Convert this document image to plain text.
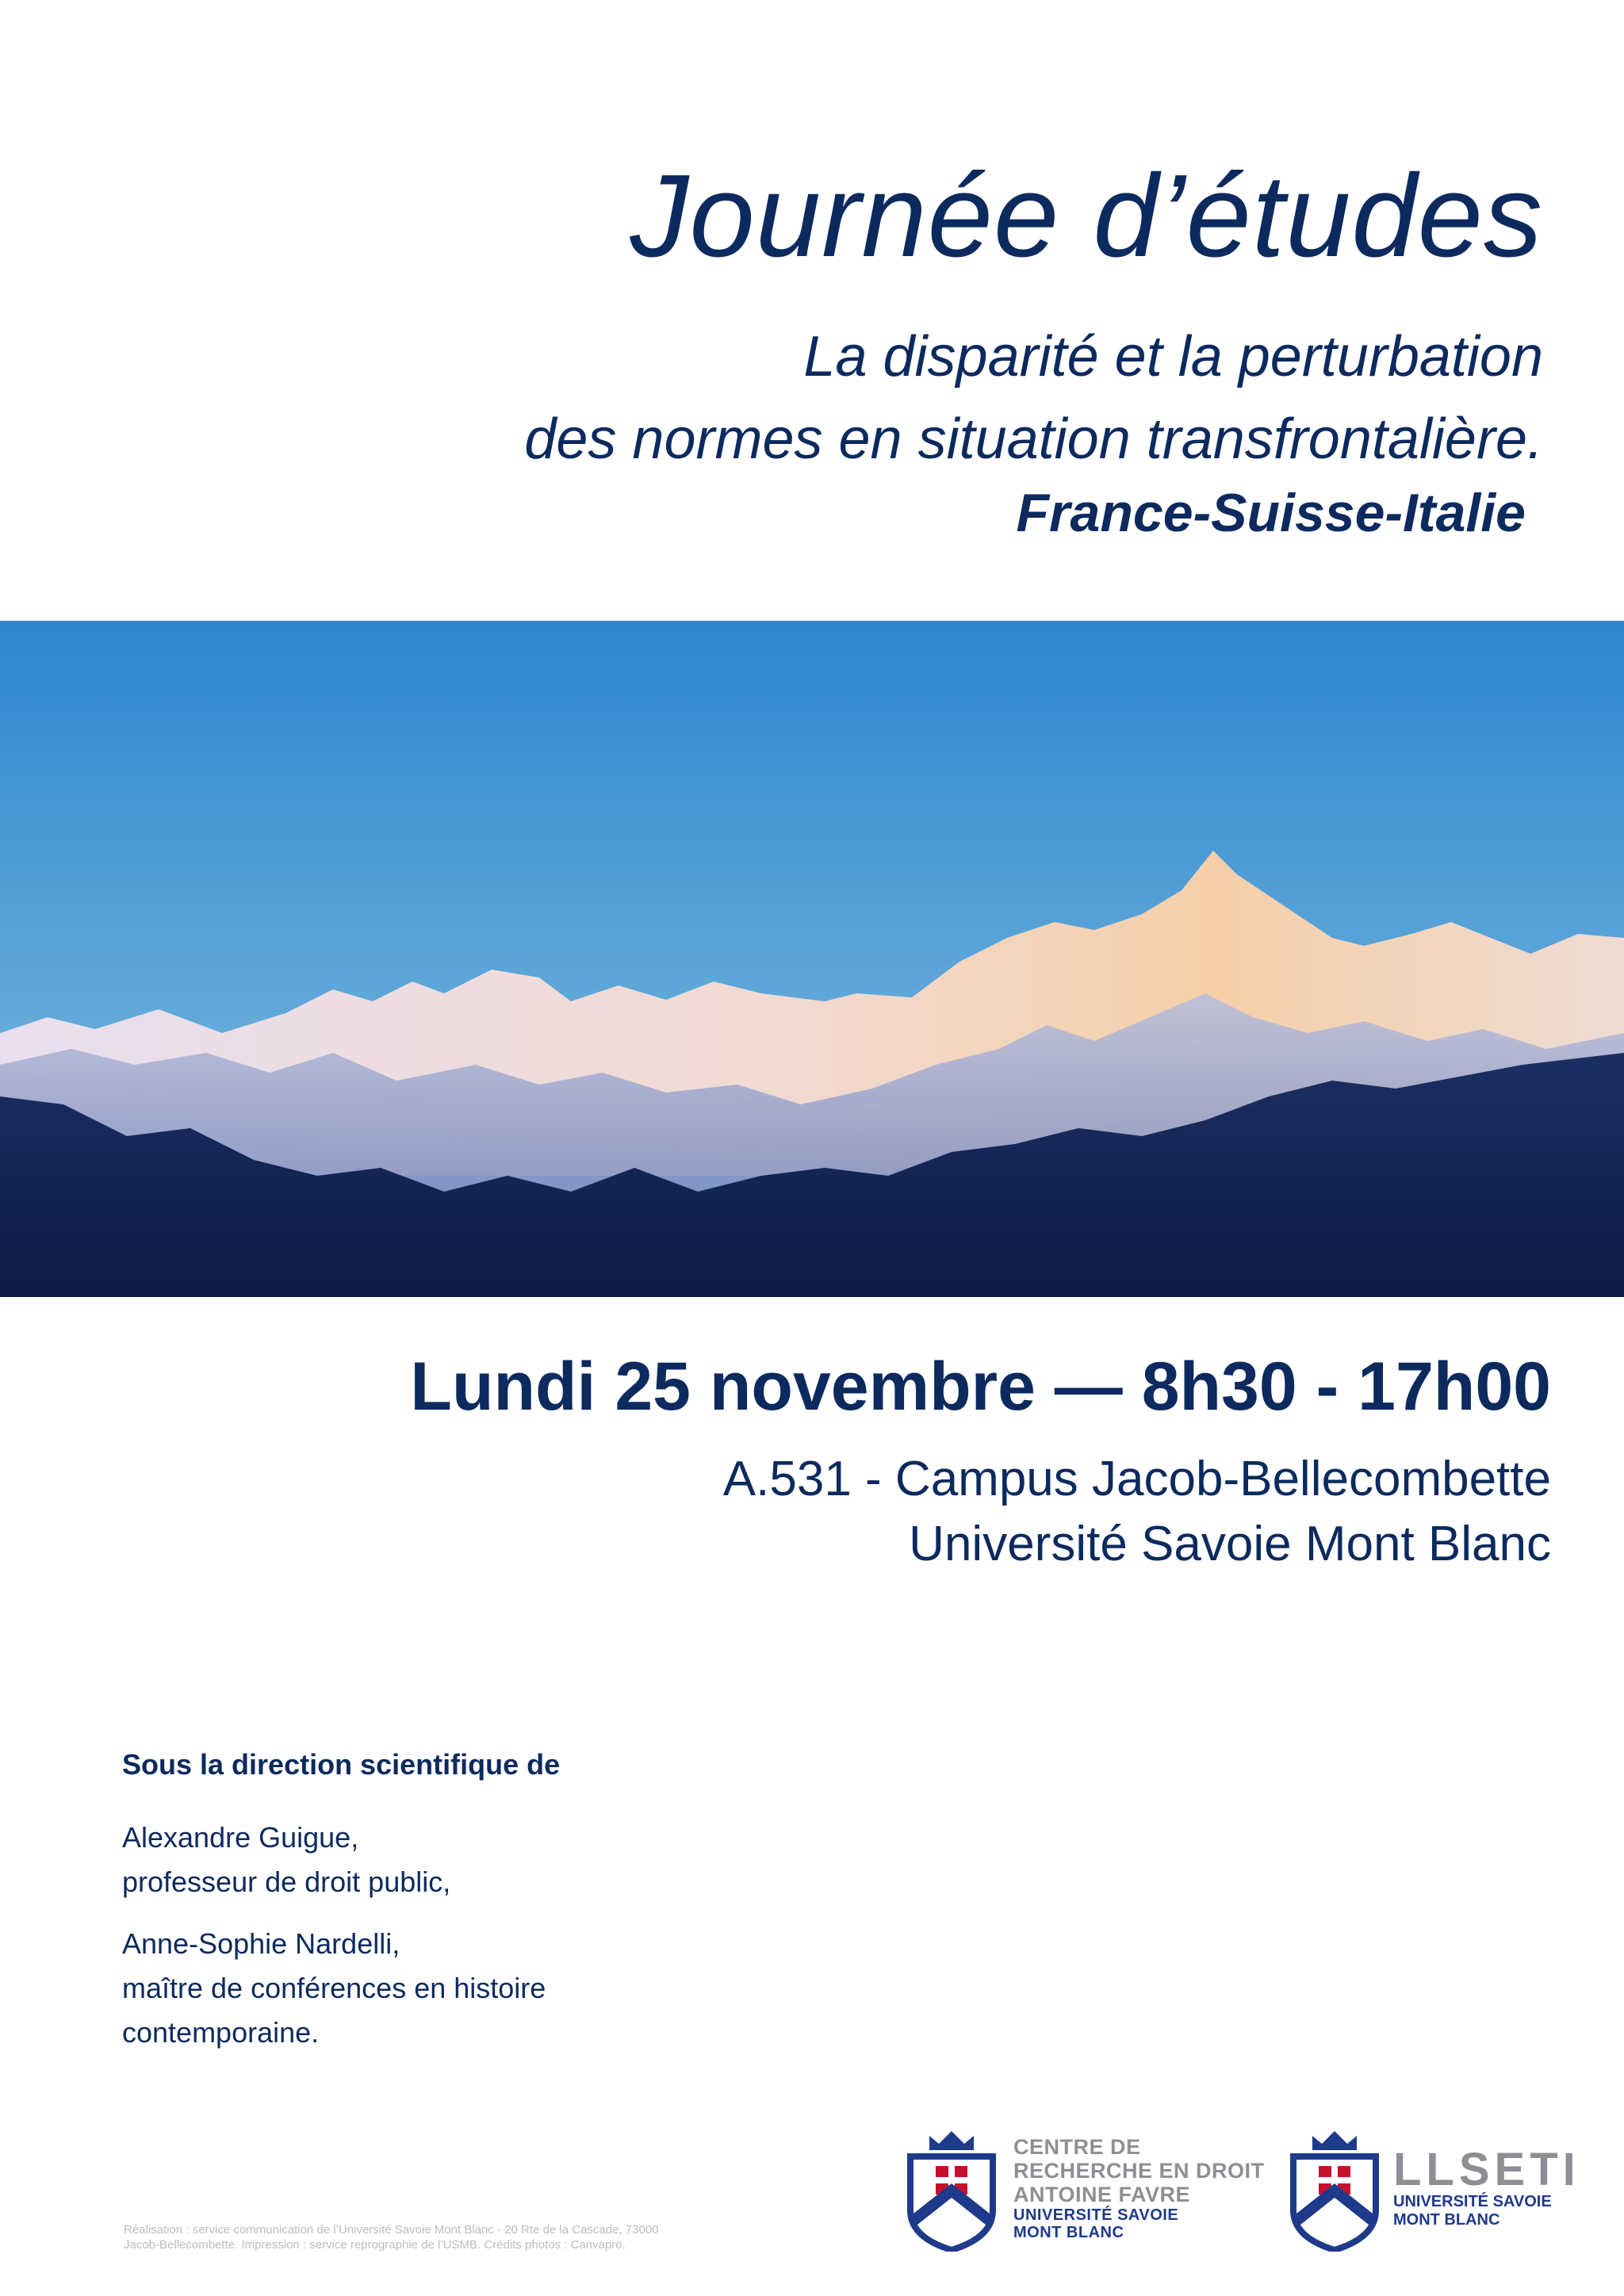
Journée d’études
La disparité et la perturbation
des normes en situation transfrontalière.
France-Suisse-Italie
Lundi 25 novembre — 8h30 - 17h00
A.531 - Campus Jacob-Bellecombette
Université Savoie Mont Blanc
Sous la direction scientifique de
Alexandre Guigue,
professeur de droit public,
Anne-Sophie Nardelli,
maître de conférences en histoire
contemporaine.
Réalisation : service communication de l’Université Savoie Mont Blanc - 20 Rte de la Cascade, 73000
Jacob-Bellecombette. Impression : service reprographie de l’USMB. Crédits photos : Canvapro.
CENTRE DE
RECHERCHE EN DROIT
ANTOINE FAVRE
UNIVERSITÉ SAVOIE
MONT BLANC
LLSETI
UNIVERSITÉ SAVOIE
MONT BLANC
